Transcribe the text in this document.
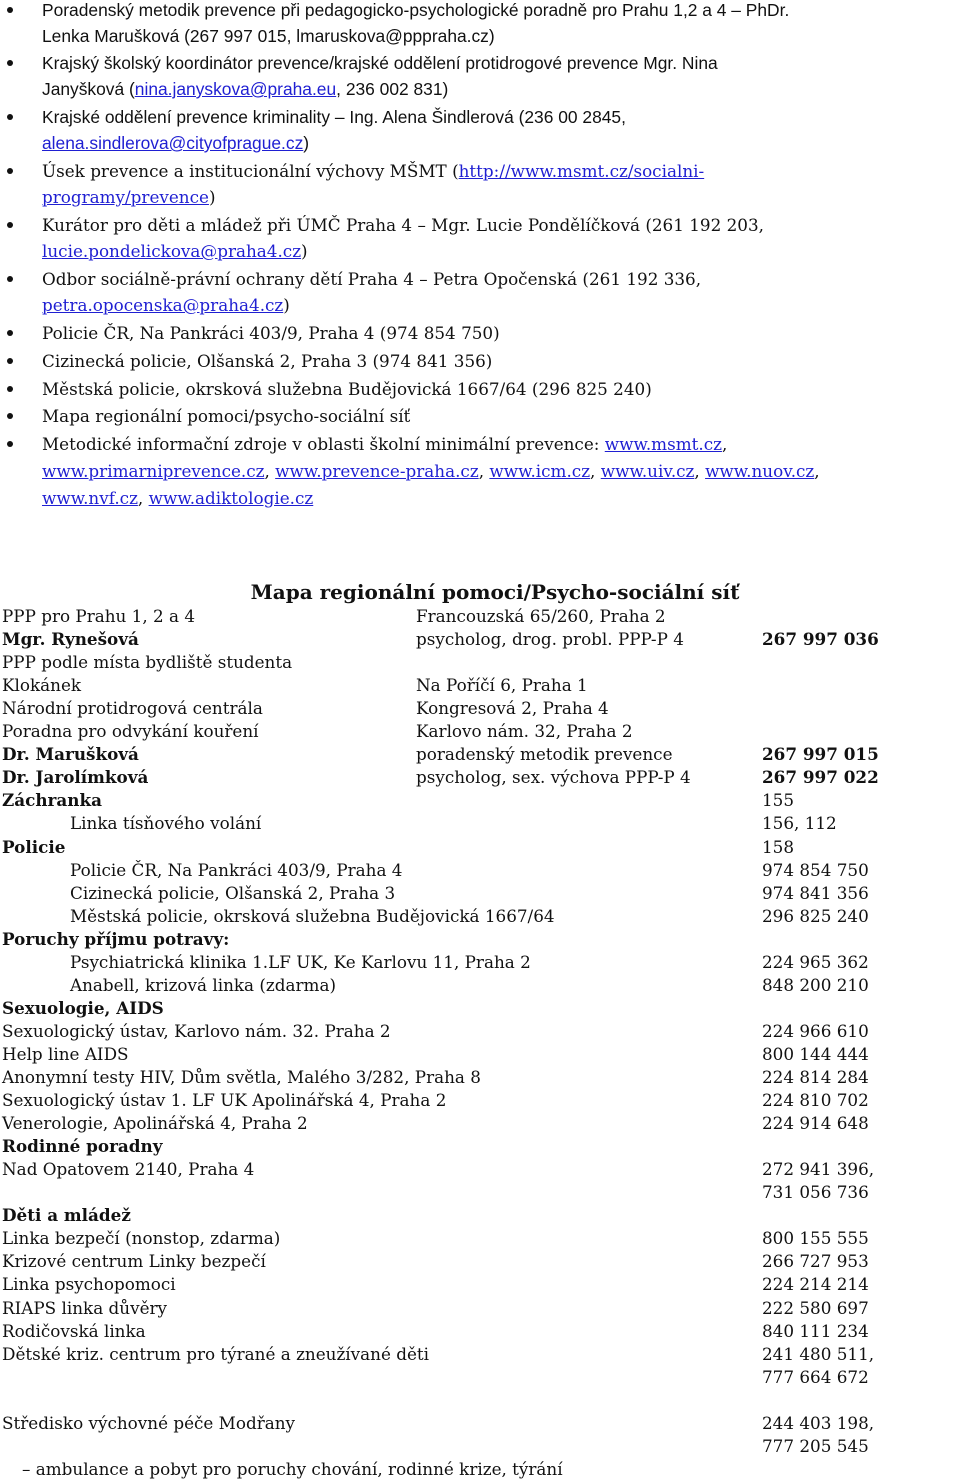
Poradenský metodik prevence při pedagogicko-psychologické poradně pro Prahu 1,2 a 4 – PhDr.
Lenka Marušková (267 997 015, lmaruskova@pppraha.cz)
Krajský školský koordinátor prevence/krajské oddělení protidrogové prevence Mgr. Nina
Janyšková (nina.janyskova@praha.eu, 236 002 831)
Krajské oddělení prevence kriminality – Ing. Alena Šindlerová (236 00 2845,
alena.sindlerova@cityofprague.cz)
Úsek prevence a institucionální výchovy MŠMT (http://www.msmt.cz/socialni-
programy/prevence)
Kurátor pro děti a mládež při ÚMČ Praha 4 – Mgr. Lucie Pondělíčková (261 192 203,
lucie.pondelickova@praha4.cz)
Odbor sociálně-právní ochrany dětí Praha 4 – Petra Opočenská (261 192 336,
petra.opocenska@praha4.cz)
Policie ČR, Na Pankráci 403/9, Praha 4 (974 854 750)
Cizinecká policie, Olšanská 2, Praha 3 (974 841 356)
Městská policie, okrsková služebna Budějovická 1667/64 (296 825 240)
Mapa regionální pomoci/psycho-sociální síť
Metodické informační zdroje v oblasti školní minimální prevence: www.msmt.cz,
www.primarniprevence.cz, www.prevence-praha.cz, www.icm.cz, www.uiv.cz, www.nuov.cz,
www.nvf.cz, www.adiktologie.cz
Mapa regionální pomoci/Psycho-sociální síť
PPP pro Prahu 1, 2 a 4	Francouzská 65/260, Praha 2
Mgr. Rynešová	psycholog, drog. probl. PPP-P 4	267 997 036
PPP podle místa bydliště studenta
Klokánek	Na Poříčí 6, Praha 1
Národní protidrogová centrála	Kongresová 2, Praha 4
Poradna pro odvykání kouření	Karlovo nám. 32, Praha 2
Dr. Marušková	poradenský metodik prevence	267 997 015
Dr. Jarolímková	psycholog, sex. výchova PPP-P 4	267 997 022
Záchranka	155
Linka tísňového volání	156, 112
Policie	158
Policie ČR, Na Pankráci 403/9, Praha 4	974 854 750
Cizinecká policie, Olšanská 2, Praha 3	974 841 356
Městská policie, okrsková služebna Budějovická 1667/64	296 825 240
Poruchy příjmu potravy:
Psychiatrická klinika 1.LF UK, Ke Karlovu 11, Praha 2	224 965 362
Anabell, krizová linka (zdarma)	848 200 210
Sexuologie, AIDS
Sexuologický ústav, Karlovo nám. 32. Praha 2	224 966 610
Help line AIDS	800 144 444
Anonymní testy HIV, Dům světla, Malého 3/282, Praha 8	224 814 284
Sexuologický ústav 1. LF UK Apolinářská 4, Praha 2	224 810 702
Venerologie, Apolinářská 4, Praha 2	224 914 648
Rodinné poradny
Nad Opatovem 2140, Praha 4	272 941 396,
731 056 736
Děti a mládež
Linka bezpečí (nonstop, zdarma)	800 155 555
Krizové centrum Linky bezpečí	266 727 953
Linka psychopomoci	224 214 214
RIAPS linka důvěry	222 580 697
Rodičovská linka	840 111 234
Dětské kriz. centrum pro týrané a zneužívané děti	241 480 511,
777 664 672
Středisko výchovné péče Modřany	244 403 198,
777 205 545
– ambulance a pobyt pro poruchy chování, rodinné krize, týrání
